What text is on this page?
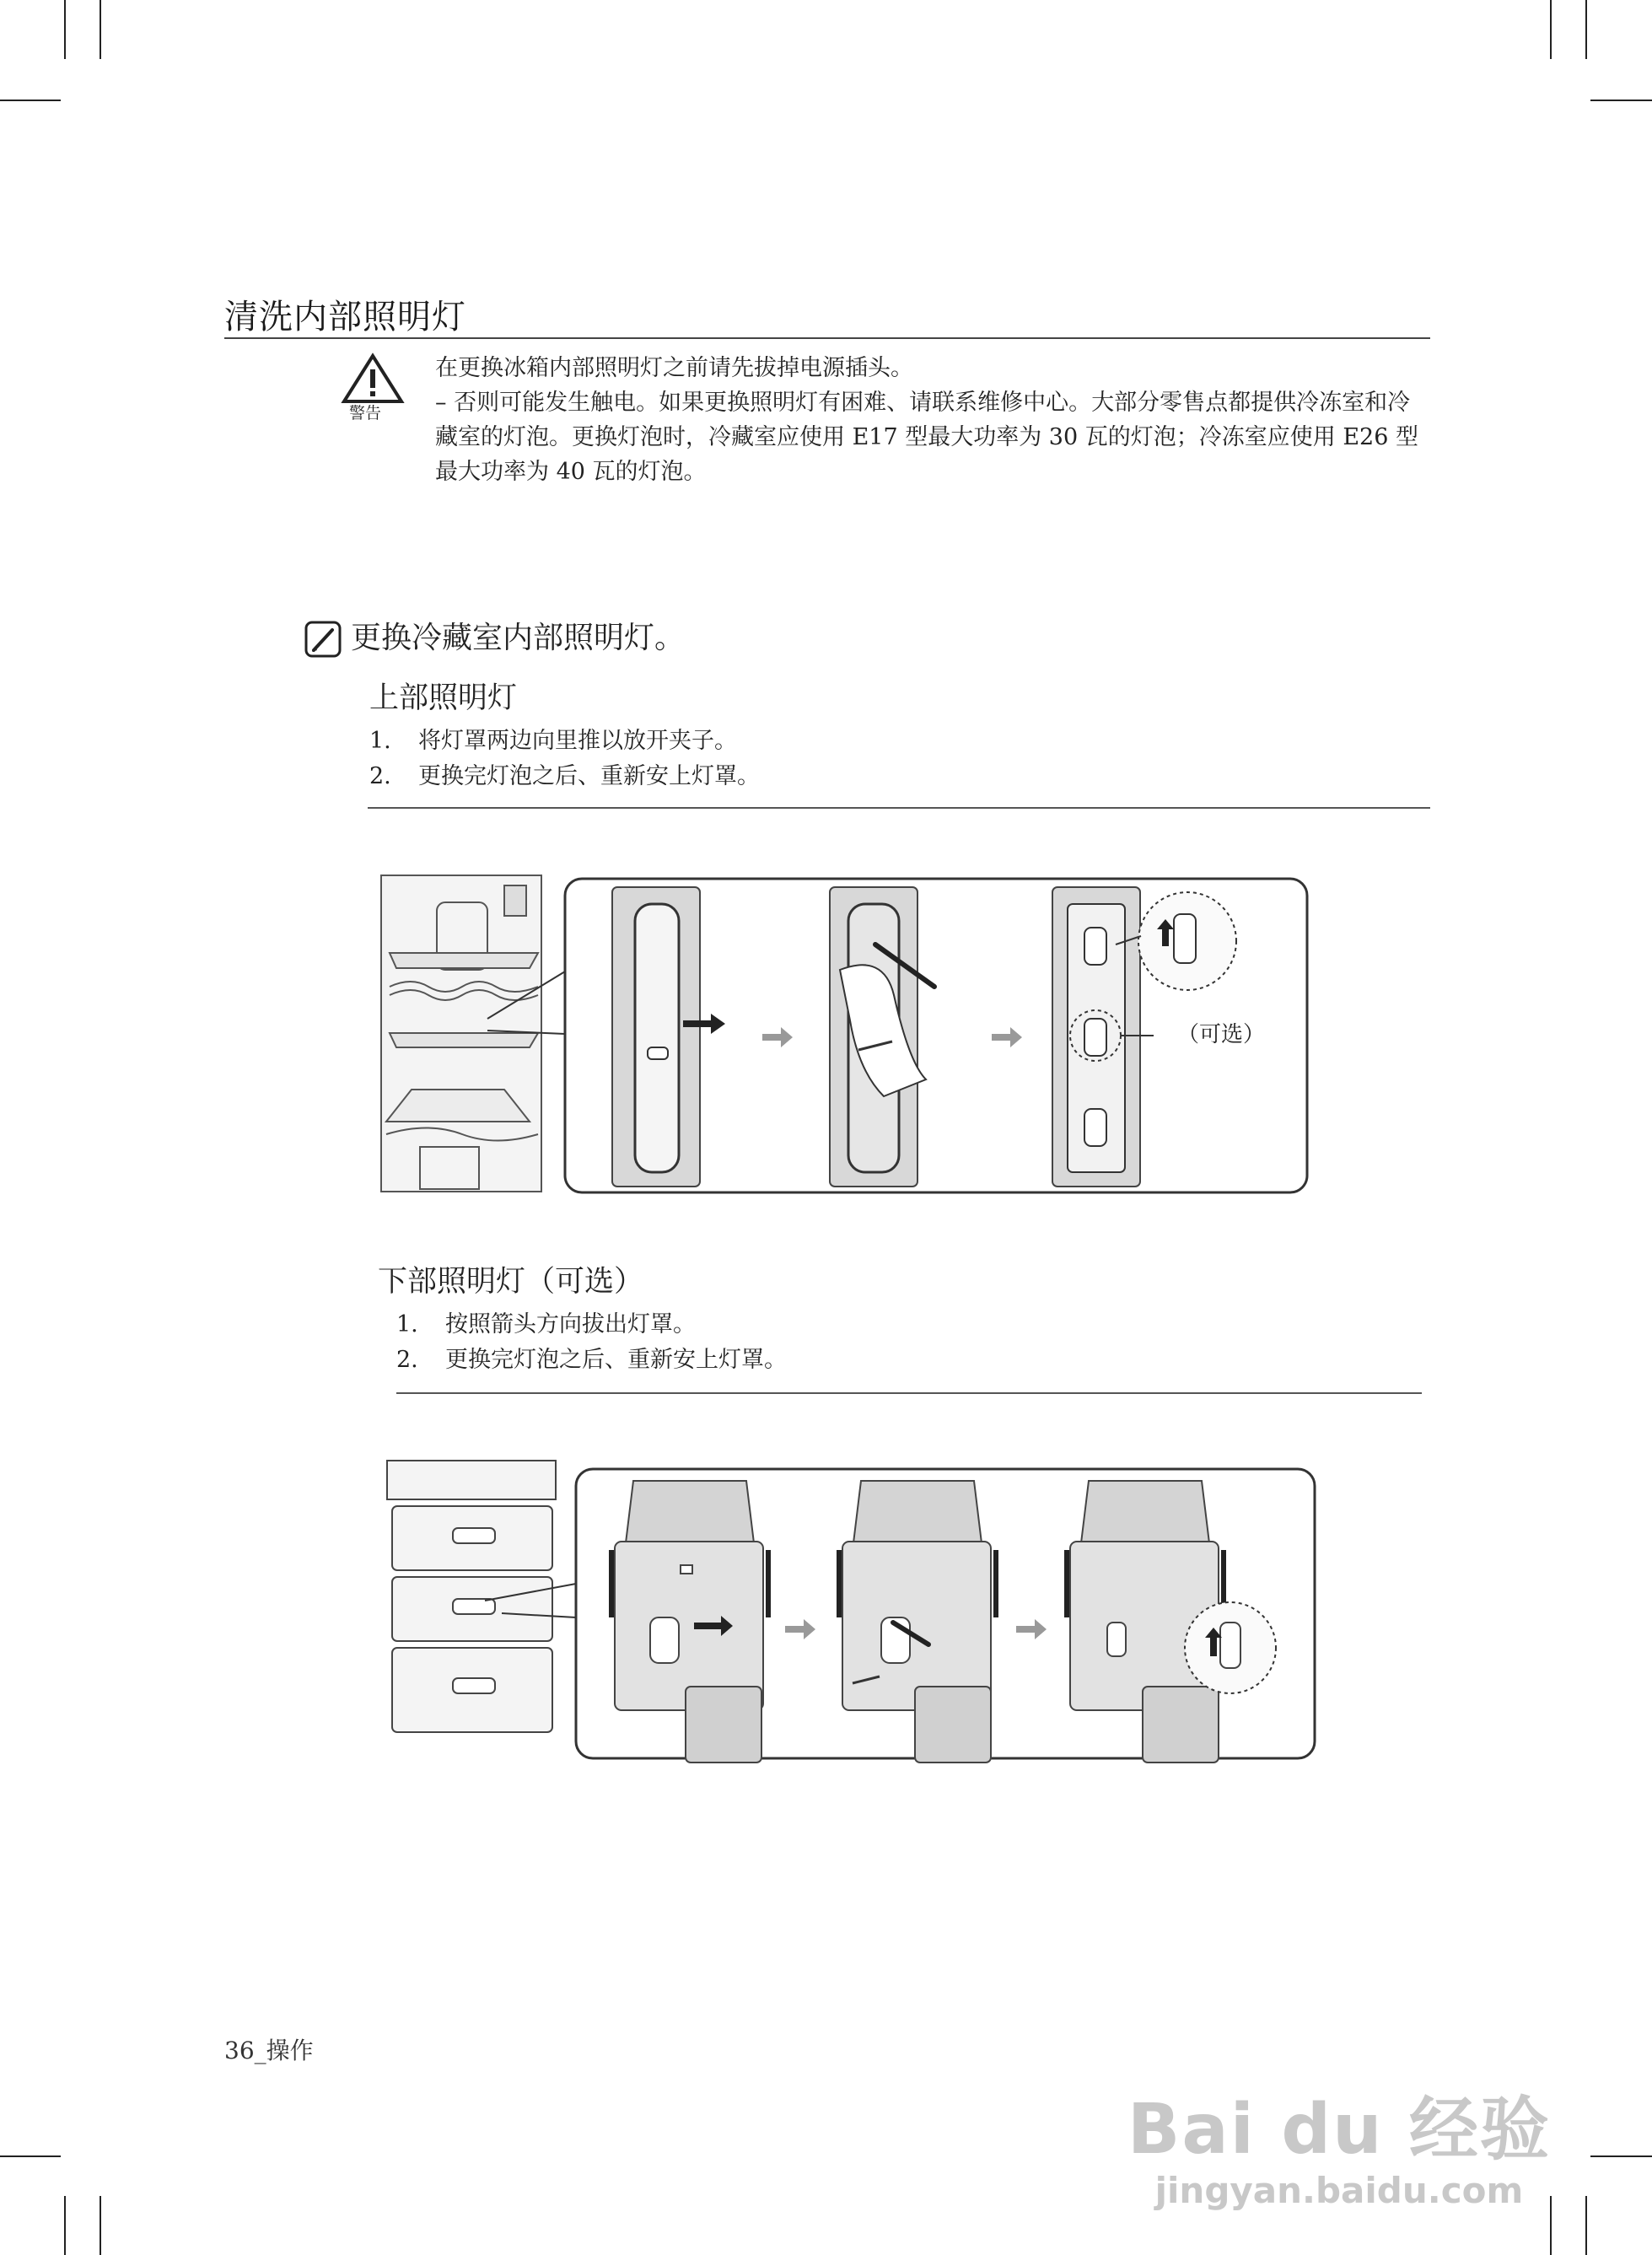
清洗内部照明灯
警告

在更换冰箱内部照明灯之前请先拔掉电源插头。

– 否则可能发生触电。如果更换照明灯有困难、请联系维修中心。大部分零售点都提供冷冻室和冷藏室的灯泡。更换灯泡时，冷藏室应使用 E17 型最大功率为 30 瓦的灯泡；冷冻室应使用 E26 型最大功率为 40 瓦的灯泡。

更换冷藏室内部照明灯。
上部照明灯
1. 将灯罩两边向里推以放开夹子。
2. 更换完灯泡之后、重新安上灯罩。
（可选）
下部照明灯（可选）
1. 按照箭头方向拔出灯罩。
2. 更换完灯泡之后、重新安上灯罩。
36_操作
Bai du 经验
jingyan.baidu.com
